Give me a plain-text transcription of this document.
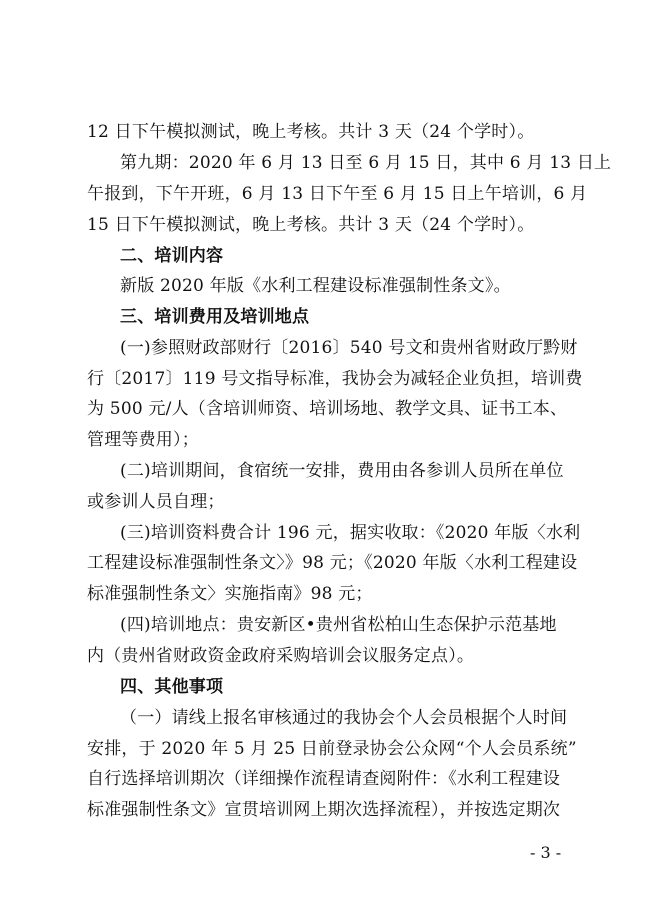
12 日下午模拟测试，晚上考核。共计 3 天（24 个学时）。
第九期：2020 年 6 月 13 日至 6 月 15 日，其中 6 月 13 日上
午报到，下午开班，6 月 13 日下午至 6 月 15 日上午培训，6 月
15 日下午模拟测试，晚上考核。共计 3 天（24 个学时）。
二、培训内容
新版 2020 年版《水利工程建设标准强制性条文》。
三、培训费用及培训地点
(一)参照财政部财行〔2016〕540 号文和贵州省财政厅黔财
行〔2017〕119 号文指导标准，我协会为减轻企业负担，培训费
为 500 元/人（含培训师资、培训场地、教学文具、证书工本、
管理等费用）；
(二)培训期间，食宿统一安排，费用由各参训人员所在单位
或参训人员自理；
(三)培训资料费合计 196 元，据实收取：《2020 年版〈水利
工程建设标准强制性条文〉》98 元；《2020 年版〈水利工程建设
标准强制性条文〉实施指南》98 元；
(四)培训地点：贵安新区•贵州省松柏山生态保护示范基地
内（贵州省财政资金政府采购培训会议服务定点）。
四、其他事项
（一）请线上报名审核通过的我协会个人会员根据个人时间
安排，于 2020 年 5 月 25 日前登录协会公众网“个人会员系统”
自行选择培训期次（详细操作流程请查阅附件：《水利工程建设
标准强制性条文》宣贯培训网上期次选择流程），并按选定期次
- 3 -
